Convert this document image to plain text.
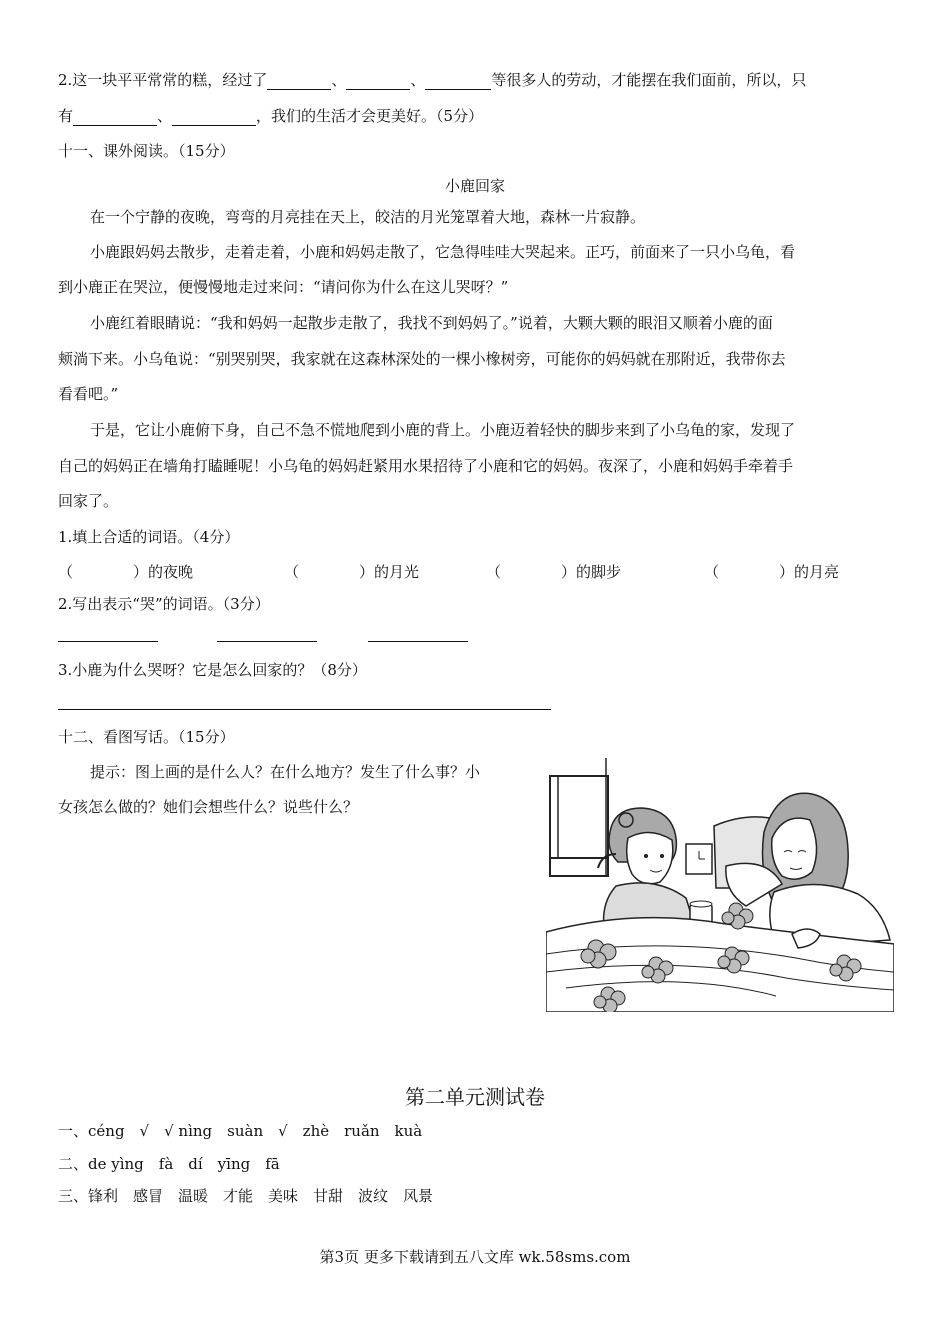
2.这一块平平常常的糕，经过了	、	、	等很多人的劳动，才能摆在我们面前，所以，只
有	、	，我们的生活才会更美好。（5分）
十一、课外阅读。（15分）
小鹿回家
在一个宁静的夜晚，弯弯的月亮挂在天上，皎洁的月光笼罩着大地，森林一片寂静。
小鹿跟妈妈去散步，走着走着，小鹿和妈妈走散了，它急得哇哇大哭起来。正巧，前面来了一只小乌龟，看
到小鹿正在哭泣，便慢慢地走过来问：“请问你为什么在这儿哭呀？”
小鹿红着眼睛说：“我和妈妈一起散步走散了，我找不到妈妈了。”说着，大颗大颗的眼泪又顺着小鹿的面
颊淌下来。小乌龟说：“别哭别哭，我家就在这森林深处的一棵小橡树旁，可能你的妈妈就在那附近，我带你去
看看吧。”
于是，它让小鹿俯下身，自己不急不慌地爬到小鹿的背上。小鹿迈着轻快的脚步来到了小乌龟的家，发现了
自己的妈妈正在墙角打瞌睡呢！小乌龟的妈妈赶紧用水果招待了小鹿和它的妈妈。夜深了，小鹿和妈妈手牵着手
回家了。
1.填上合适的词语。（4分）
（　　　　）的夜晚	（　　　　）的月光	（　　　　）的脚步	（　　　　）的月亮
2.写出表示“哭”的词语。（3分）
3.小鹿为什么哭呀？它是怎么回家的？（8分）
十二、看图写话。（15分）
提示：图上画的是什么人？在什么地方？发生了什么事？小
女孩怎么做的？她们会想些什么？说些什么？
第二单元测试卷
一、céng　√　√ nìng　suàn　√　zhè　ruǎn　kuà
二、de yìng　fà　dí　yīng　fā
三、锋利　感冒　温暖　才能　美味　甘甜　波纹　风景
第3页 更多下载请到五八文库 wk.58sms.com
